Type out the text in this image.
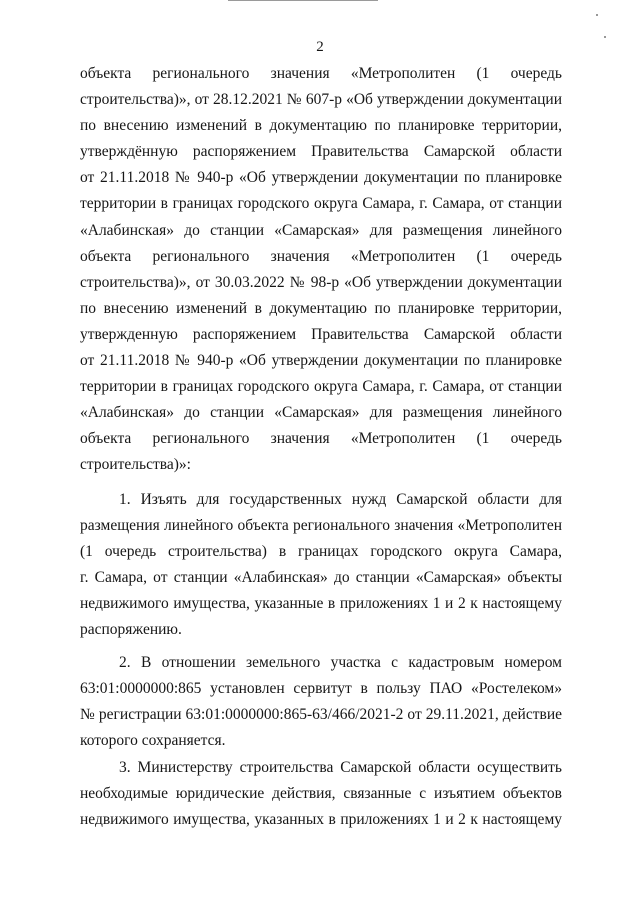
2
объекта регионального значения «Метрополитен (1 очередь
строительства)», от 28.12.2021 № 607-р «Об утверждении документации
по внесению изменений в документацию по планировке территории,
утверждённую распоряжением Правительства Самарской области
от 21.11.2018 № 940-р «Об утверждении документации по планировке
территории в границах городского округа Самара, г. Самара, от станции
«Алабинская» до станции «Самарская» для размещения линейного
объекта регионального значения «Метрополитен (1 очередь
строительства)», от 30.03.2022 № 98-р «Об утверждении документации
по внесению изменений в документацию по планировке территории,
утвержденную распоряжением Правительства Самарской области
от 21.11.2018 № 940-р «Об утверждении документации по планировке
территории в границах городского округа Самара, г. Самара, от станции
«Алабинская» до станции «Самарская» для размещения линейного
объекта регионального значения «Метрополитен (1 очередь
строительства)»:
1. Изъять для государственных нужд Самарской области для
размещения линейного объекта регионального значения «Метрополитен
(1 очередь строительства) в границах городского округа Самара,
г. Самара, от станции «Алабинская» до станции «Самарская» объекты
недвижимого имущества, указанные в приложениях 1 и 2 к настоящему
распоряжению.
2. В отношении земельного участка с кадастровым номером
63:01:0000000:865 установлен сервитут в пользу ПАО «Ростелеком»
№ регистрации 63:01:0000000:865-63/466/2021-2 от 29.11.2021, действие
которого сохраняется.
3. Министерству строительства Самарской области осуществить
необходимые юридические действия, связанные с изъятием объектов
недвижимого имущества, указанных в приложениях 1 и 2 к настоящему
